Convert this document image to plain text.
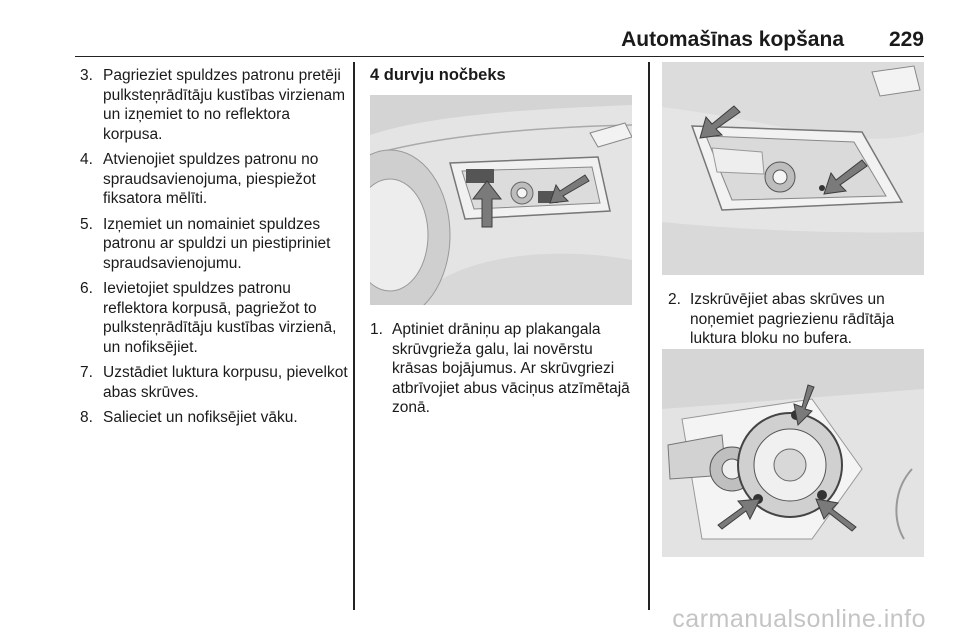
Automašīnas kopšana 229
3. Pagrieziet spuldzes patronu pretēji pulksteņrādītāju kustības virzienam un izņemiet to no reflektora korpusa.
4. Atvienojiet spuldzes patronu no spraudsavienojuma, piespiežot fiksatora mēlīti.
5. Izņemiet un nomainiet spuldzes patronu ar spuldzi un piestipriniet spraudsavienojumu.
6. Ievietojiet spuldzes patronu reflektora korpusā, pagriežot to pulksteņrādītāju kustības virzienā, un nofiksējiet.
7. Uzstādiet luktura korpusu, pievelkot abas skrūves.
8. Salieciet un nofiksējiet vāku.
4 durvju nočbeks
1. Aptiniet drāniņu ap plakangala skrūvgrieža galu, lai novērstu krāsas bojājumus. Ar skrūvgriezi atbrīvojiet abus vāciņus atzīmētajā zonā.
2. Izskrūvējiet abas skrūves un noņemiet pagriezienu rādītāja luktura bloku no bufera.
carmanualsonline.info
